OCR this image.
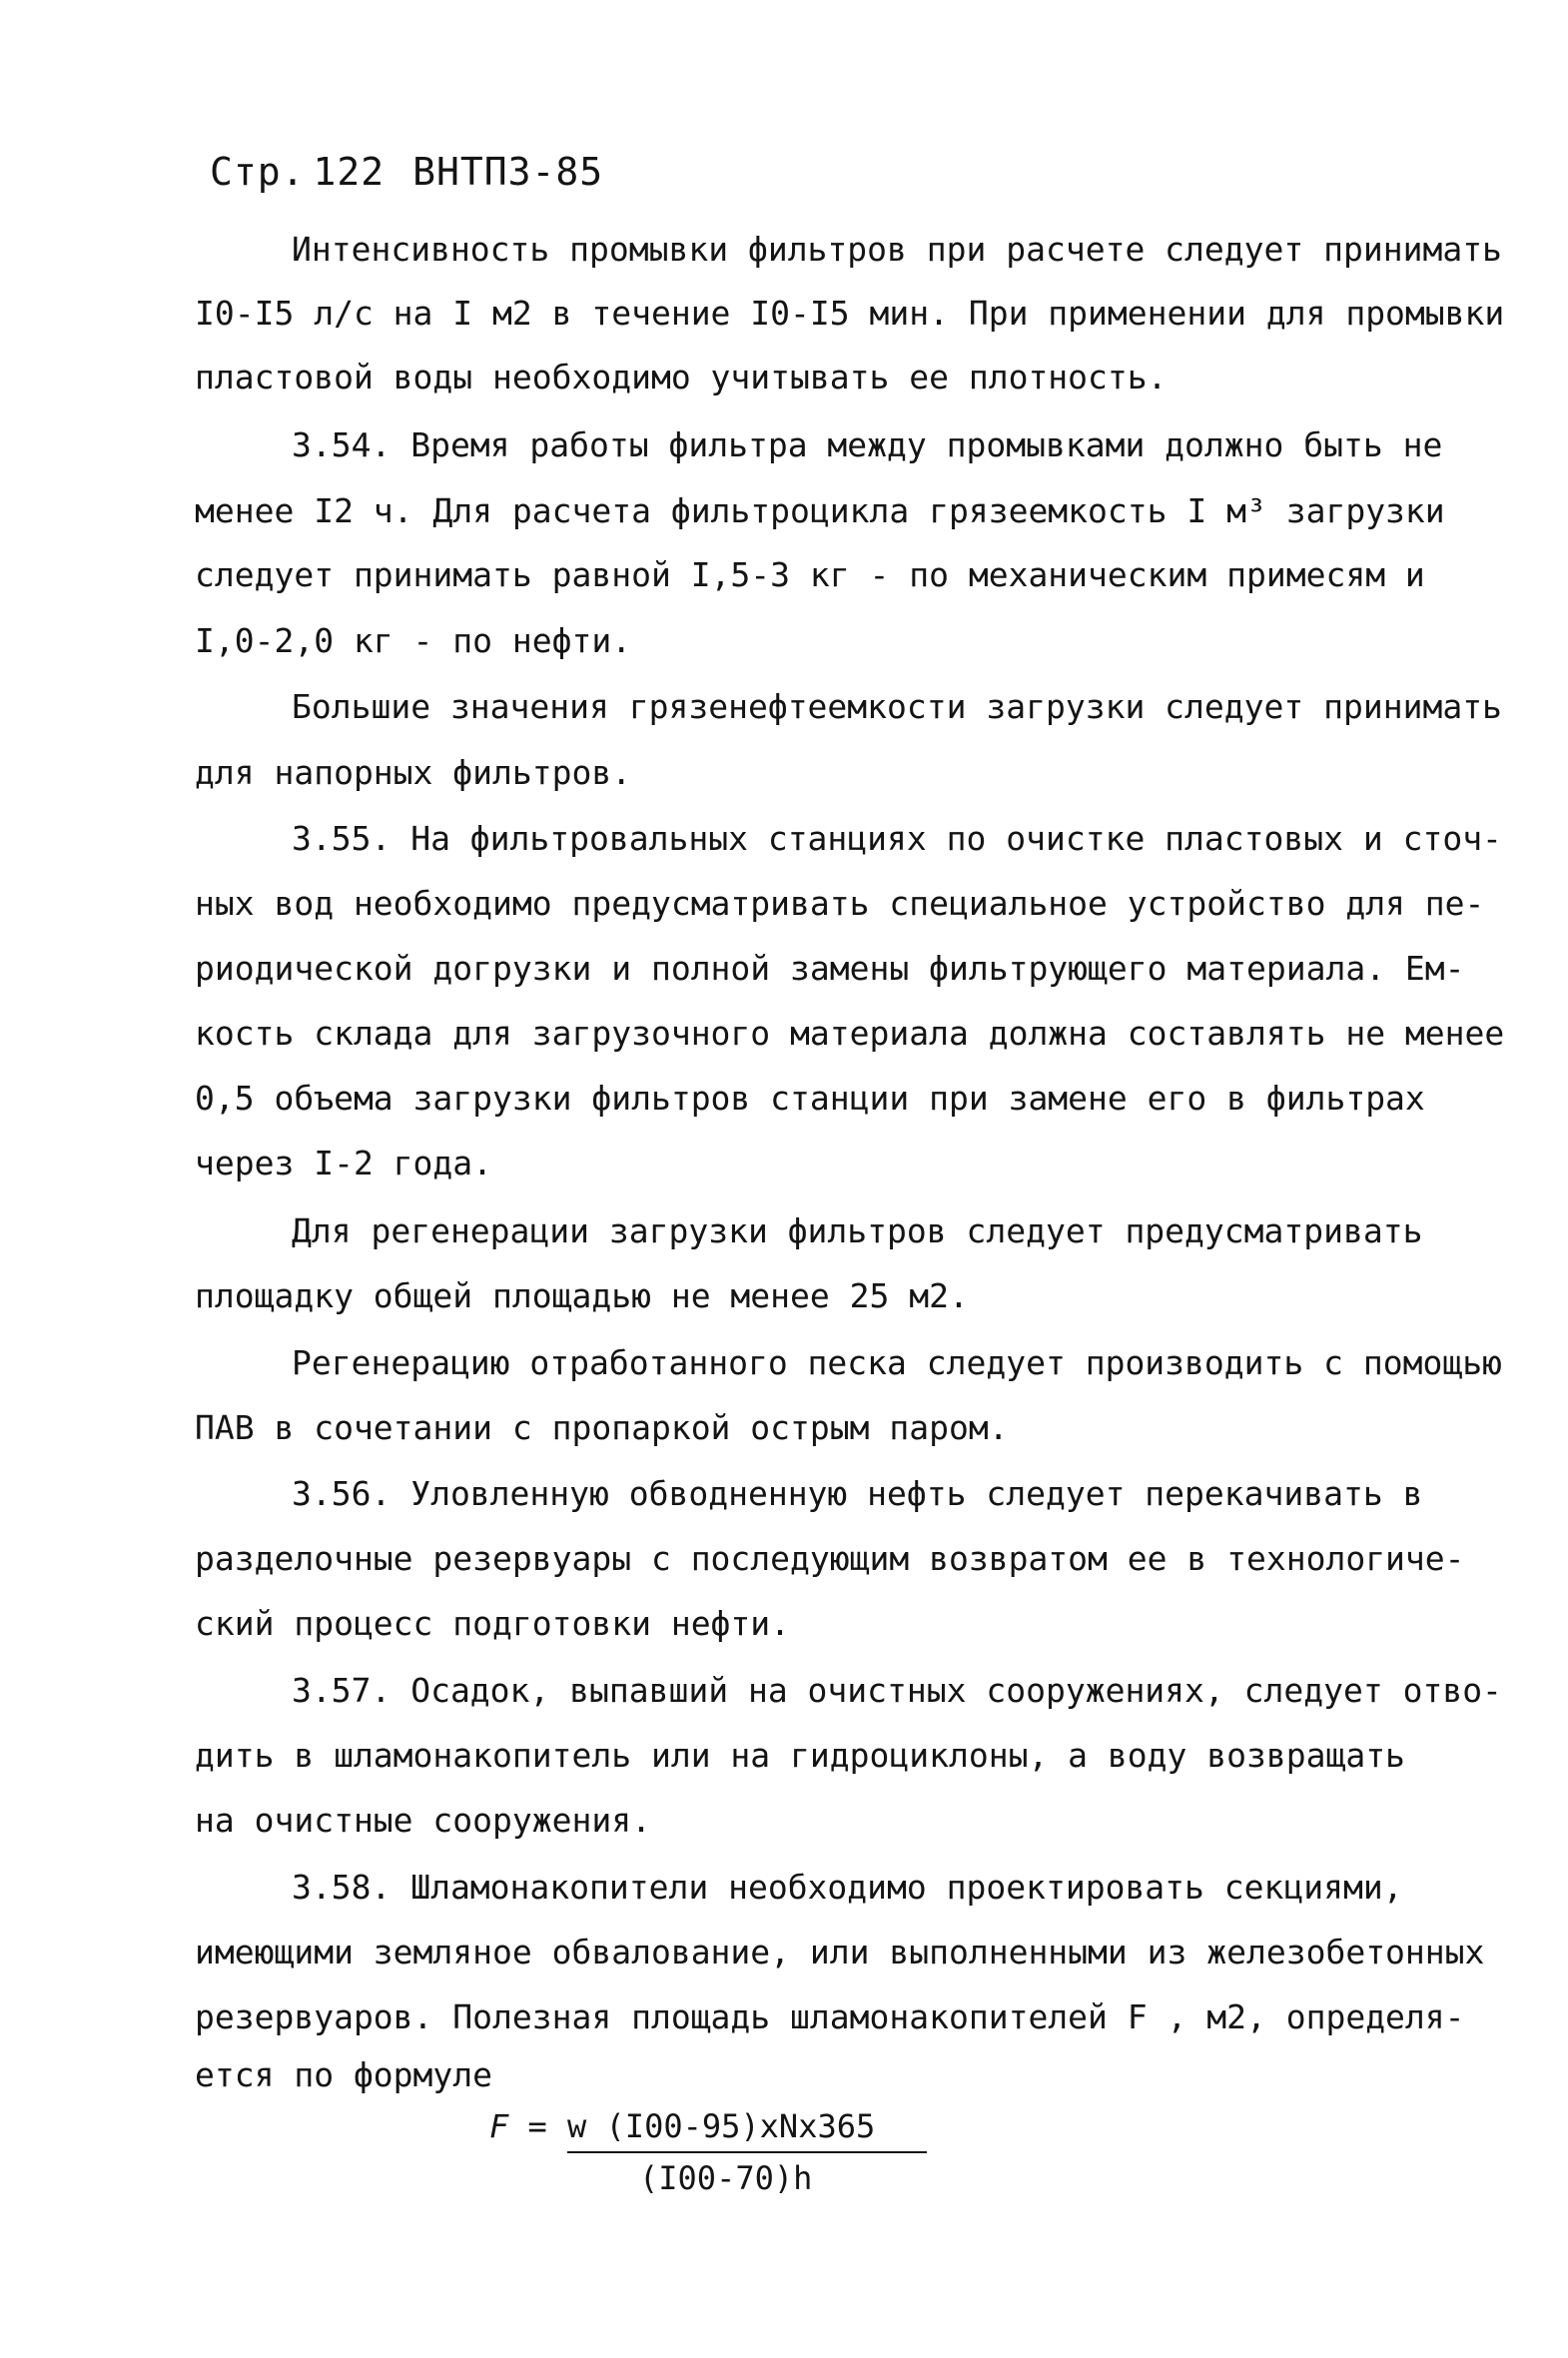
Стр. 122 ВНТП3-85
Интенсивность промывки фильтров при расчете следует принимать
I0-I5 л/с на I м2 в течение I0-I5 мин. При применении для промывки
пластовой воды необходимо учитывать ее плотность.
3.54. Время работы фильтра между промывками должно быть не
менее I2 ч. Для расчета фильтроцикла грязеемкость I м³ загрузки
следует принимать равной I,5-3 кг - по механическим примесям и
I,0-2,0 кг - по нефти.
Большие значения грязенефтеемкости загрузки следует принимать
для напорных фильтров.
3.55. На фильтровальных станциях по очистке пластовых и сточ-
ных вод необходимо предусматривать специальное устройство для пе-
риодической догрузки и полной замены фильтрующего материала. Ем-
кость склада для загрузочного материала должна составлять не менее
0,5 объема загрузки фильтров станции при замене его в фильтрах
через I-2 года.
Для регенерации загрузки фильтров следует предусматривать
площадку общей площадью не менее 25 м2.
Регенерацию отработанного песка следует производить с помощью
ПАВ в сочетании с пропаркой острым паром.
3.56. Уловленную обводненную нефть следует перекачивать в
разделочные резервуары с последующим возвратом ее в технологиче-
ский процесс подготовки нефти.
3.57. Осадок, выпавший на очистных сооружениях, следует отво-
дить в шламонакопитель или на гидроциклоны, а воду возвращать
на очистные сооружения.
3.58. Шламонакопители необходимо проектировать секциями,
имеющими земляное обвалование, или выполненными из железобетонных
резервуаров. Полезная площадь шламонакопителей F , м2, определя-
ется по формуле
F = w (I00-95)xNx365
(I00-70)h
